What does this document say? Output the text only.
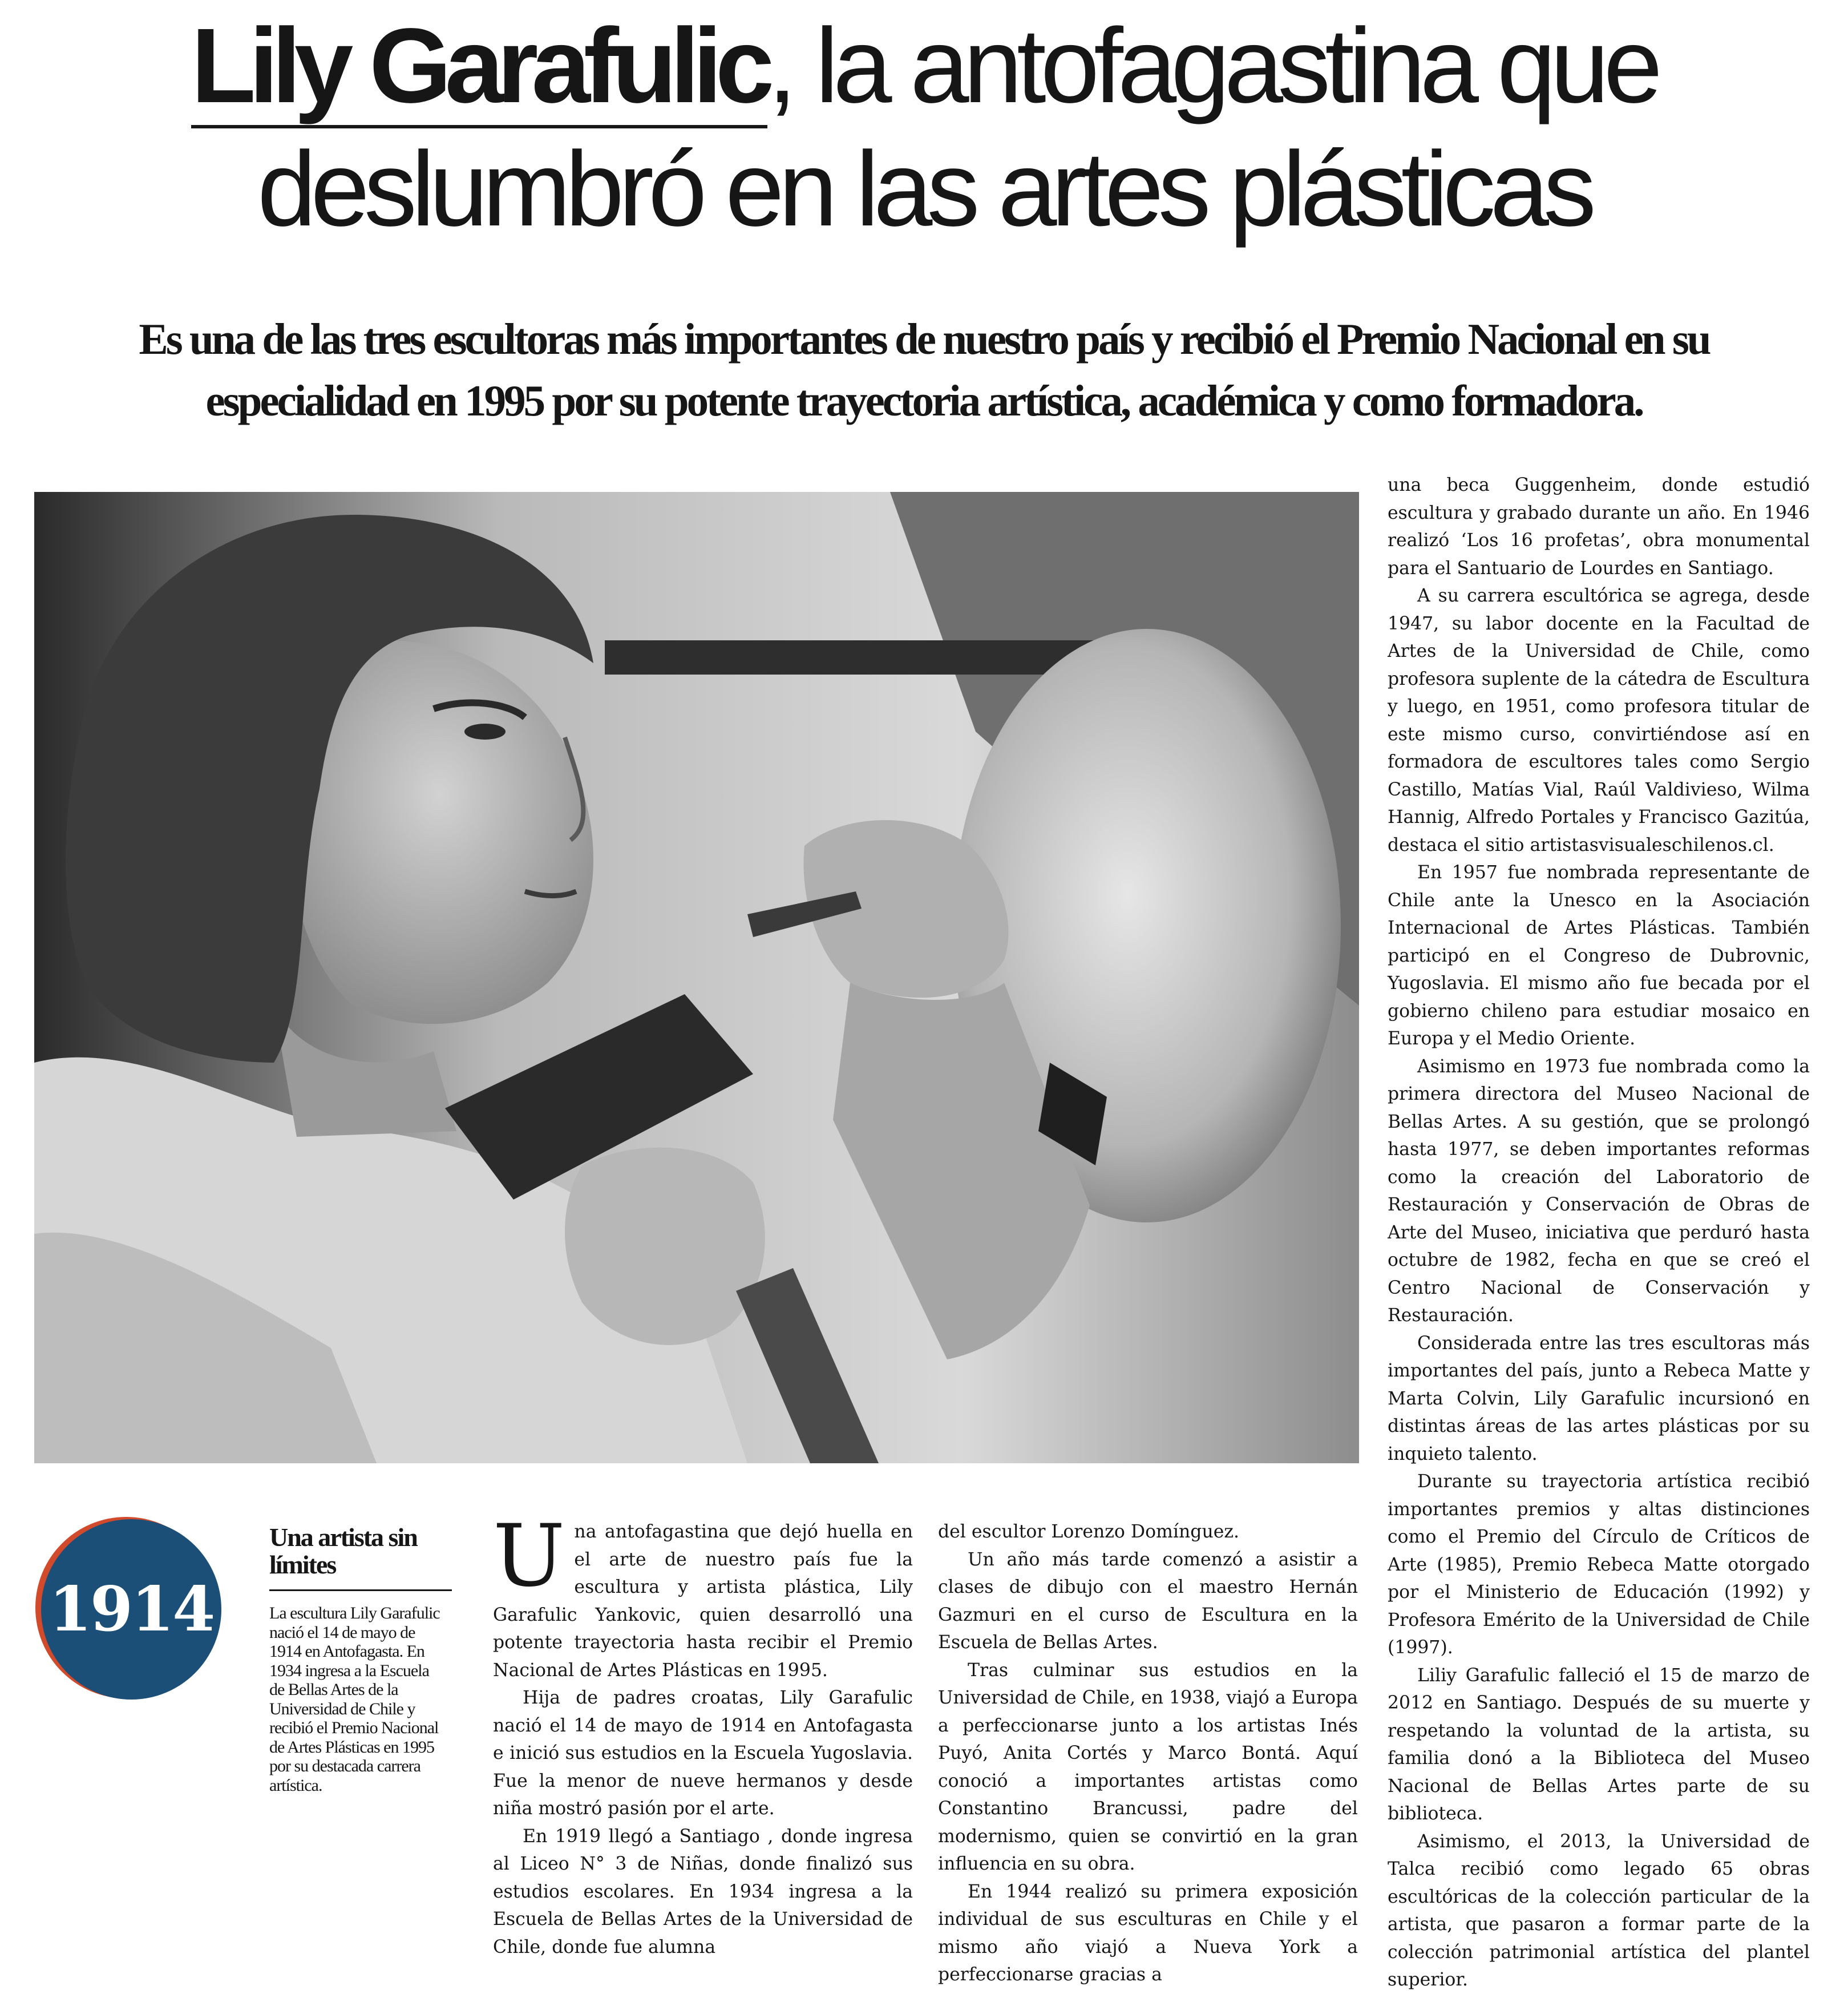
Lily Garafulic, la antofagastina que
deslumbró en las artes plásticas
Es una de las tres escultoras más importantes de nuestro país y recibió el Premio Nacional en su especialidad en 1995 por su potente trayectoria artística, académica y como formadora.

una beca Guggenheim, donde estudió escultura y grabado durante un año. En 1946 realizó ‘Los 16 profetas’, obra monumental para el Santuario de Lourdes en Santiago.

A su carrera escultórica se agrega, desde 1947, su labor docente en la Facultad de Artes de la Universidad de Chile, como profesora suplente de la cátedra de Escultura y luego, en 1951, como profesora titular de este mismo curso, convirtiéndose así en formadora de escultores tales como Sergio Castillo, Matías Vial, Raúl Valdivieso, Wilma Hannig, Alfredo Portales y Francisco Gazitúa, destaca el sitio artistasvisualeschilenos.cl.

En 1957 fue nombrada representante de Chile ante la Unesco en la Asociación Internacional de Artes Plásticas. También participó en el Congreso de Dubrovnic, Yugoslavia. El mismo año fue becada por el gobierno chileno para estudiar mosaico en Europa y el Medio Oriente.

Asimismo en 1973 fue nombrada como la primera directora del Museo Nacional de Bellas Artes. A su gestión, que se prolongó hasta 1977, se deben importantes reformas como la creación del Laboratorio de Restauración y Conservación de Obras de Arte del Museo, iniciativa que perduró hasta octubre de 1982, fecha en que se creó el Centro Nacional de Conservación y Restauración.

Considerada entre las tres escultoras más importantes del país, junto a Rebeca Matte y Marta Colvin, Lily Garafulic incursionó en distintas áreas de las artes plásticas por su inquieto talento.

Durante su trayectoria artística recibió importantes premios y altas distinciones como el Premio del Círculo de Críticos de Arte (1985), Premio Rebeca Matte otorgado por el Ministerio de Educación (1992) y Profesora Emérito de la Universidad de Chile (1997).

Liliy Garafulic falleció el 15 de marzo de 2012 en Santiago. Después de su muerte y respetando la voluntad de la artista, su familia donó a la Biblioteca del Museo Nacional de Bellas Artes parte de su biblioteca.

Asimismo, el 2013, la Universidad de Talca recibió como legado 65 obras escultóricas de la colección particular de la artista, que pasaron a formar parte de la colección patrimonial artística del plantel superior.

1914
Una artista sin límites
La escultura Lily Garafulic nació el 14 de mayo de 1914 en Antofagasta. En 1934 ingresa a la Escuela de Bellas Artes de la Universidad de Chile y recibió el Premio Nacional de Artes Plásticas en 1995 por su destacada carrera artística.

Una antofagastina que dejó huella en el arte de nuestro país fue la escultura y artista plástica, Lily Garafulic Yankovic, quien desarrolló una potente trayectoria hasta recibir el Premio Nacional de Artes Plásticas en 1995.

Hija de padres croatas, Lily Garafulic nació el 14 de mayo de 1914 en Antofagasta e inició sus estudios en la Escuela Yugoslavia. Fue la menor de nueve hermanos y desde niña mostró pasión por el arte.

En 1919 llegó a Santiago , donde ingresa al Liceo N° 3 de Niñas, donde finalizó sus estudios escolares. En 1934 ingresa a la Escuela de Bellas Artes de la Universidad de Chile, donde fue alumna

del escultor Lorenzo Domínguez.

Un año más tarde comenzó a asistir a clases de dibujo con el maestro Hernán Gazmuri en el curso de Escultura en la Escuela de Bellas Artes.

Tras culminar sus estudios en la Universidad de Chile, en 1938, viajó a Europa a perfeccionarse junto a los artistas Inés Puyó, Anita Cortés y Marco Bontá. Aquí conoció a importantes artistas como Constantino Brancussi, padre del modernismo, quien se convirtió en la gran influencia en su obra.

En 1944 realizó su primera exposición individual de sus esculturas en Chile y el mismo año viajó a Nueva York a perfeccionarse gracias a
